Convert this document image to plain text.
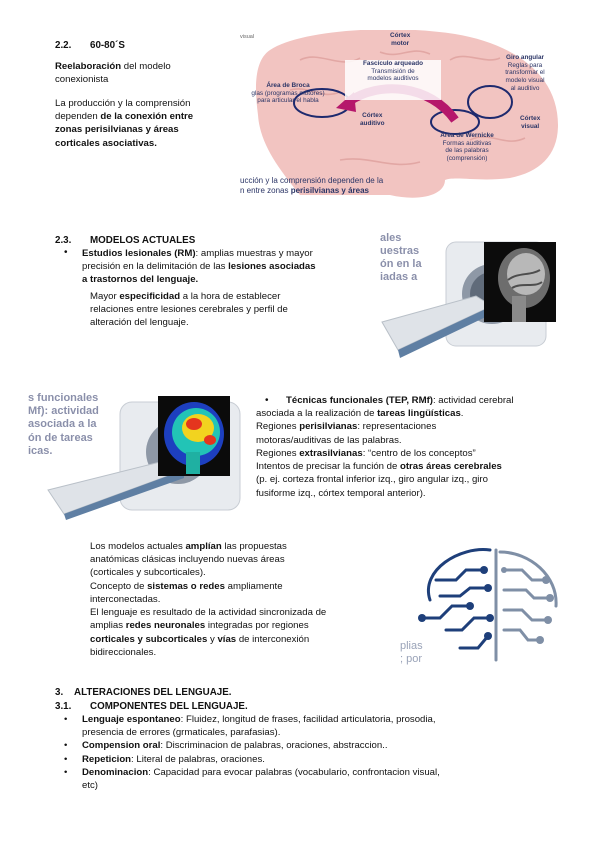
2.2. 60-80´S
Reelaboración del modelo
conexionista
La producción y la comprensión
dependen de la conexión entre
zonas perisilvianas y áreas
corticales asociativas.
visual	Córtex
motor
Fascículo arqueado
Transmisión de
modelos auditivos
Área de Broca
glas (programas motores)
para articular el habla
Giro angular
Reglas para
transformar el
modelo visual
al auditivo
Córtex
auditivo
Córtex
visual
Área de Wernicke
Formas auditivas
de las palabras
(comprensión)
ucción y la comprensión dependen de la
n entre zonas perisilvianas y áreas
2.3. MODELOS ACTUALES
• Estudios lesionales (RM): amplias muestras y mayor
precisión en la delimitación de las lesiones asociadas
a trastornos del lenguaje.
Mayor especificidad a la hora de establecer
relaciones entre lesiones cerebrales y perfil de
alteración del lenguaje.
ales
uestras
ón en la
iadas a
s funcionales
Mf): actividad
asociada a la
ón de tareas
icas.
•	Técnicas funcionales (TEP, RMf): actividad cerebral
asociada a la realización de tareas lingüísticas.
Regiones perisilvianas: representaciones
motoras/auditivas de las palabras.
Regiones extrasilvianas: “centro de los conceptos”
Intentos de precisar la función de otras áreas cerebrales
(p. ej. corteza frontal inferior izq., giro angular izq., giro
fusiforme izq., córtex temporal anterior).
Los modelos actuales amplían las propuestas
anatómicas clásicas incluyendo nuevas áreas
(corticales y subcorticales).
Concepto de sistemas o redes ampliamente
interconectadas.
El lenguaje es resultado de la actividad sincronizada de
amplias redes neuronales integradas por regiones
corticales y subcorticales y vías de interconexión
bidireccionales.
plias
; por
3. ALTERACIONES DEL LENGUAJE.
3.1. COMPONENTES DEL LENGUAJE.
• Lenguaje espontaneo: Fluidez, longitud de frases, facilidad articulatoria, prosodia,
presencia de errores (grmaticales, parafasias).
• Compension oral: Discriminacion de palabras, oraciones, abstraccion..
• Repeticion: Literal de palabras, oraciones.
• Denominacion: Capacidad para evocar palabras (vocabulario, confrontacion visual,
etc)
